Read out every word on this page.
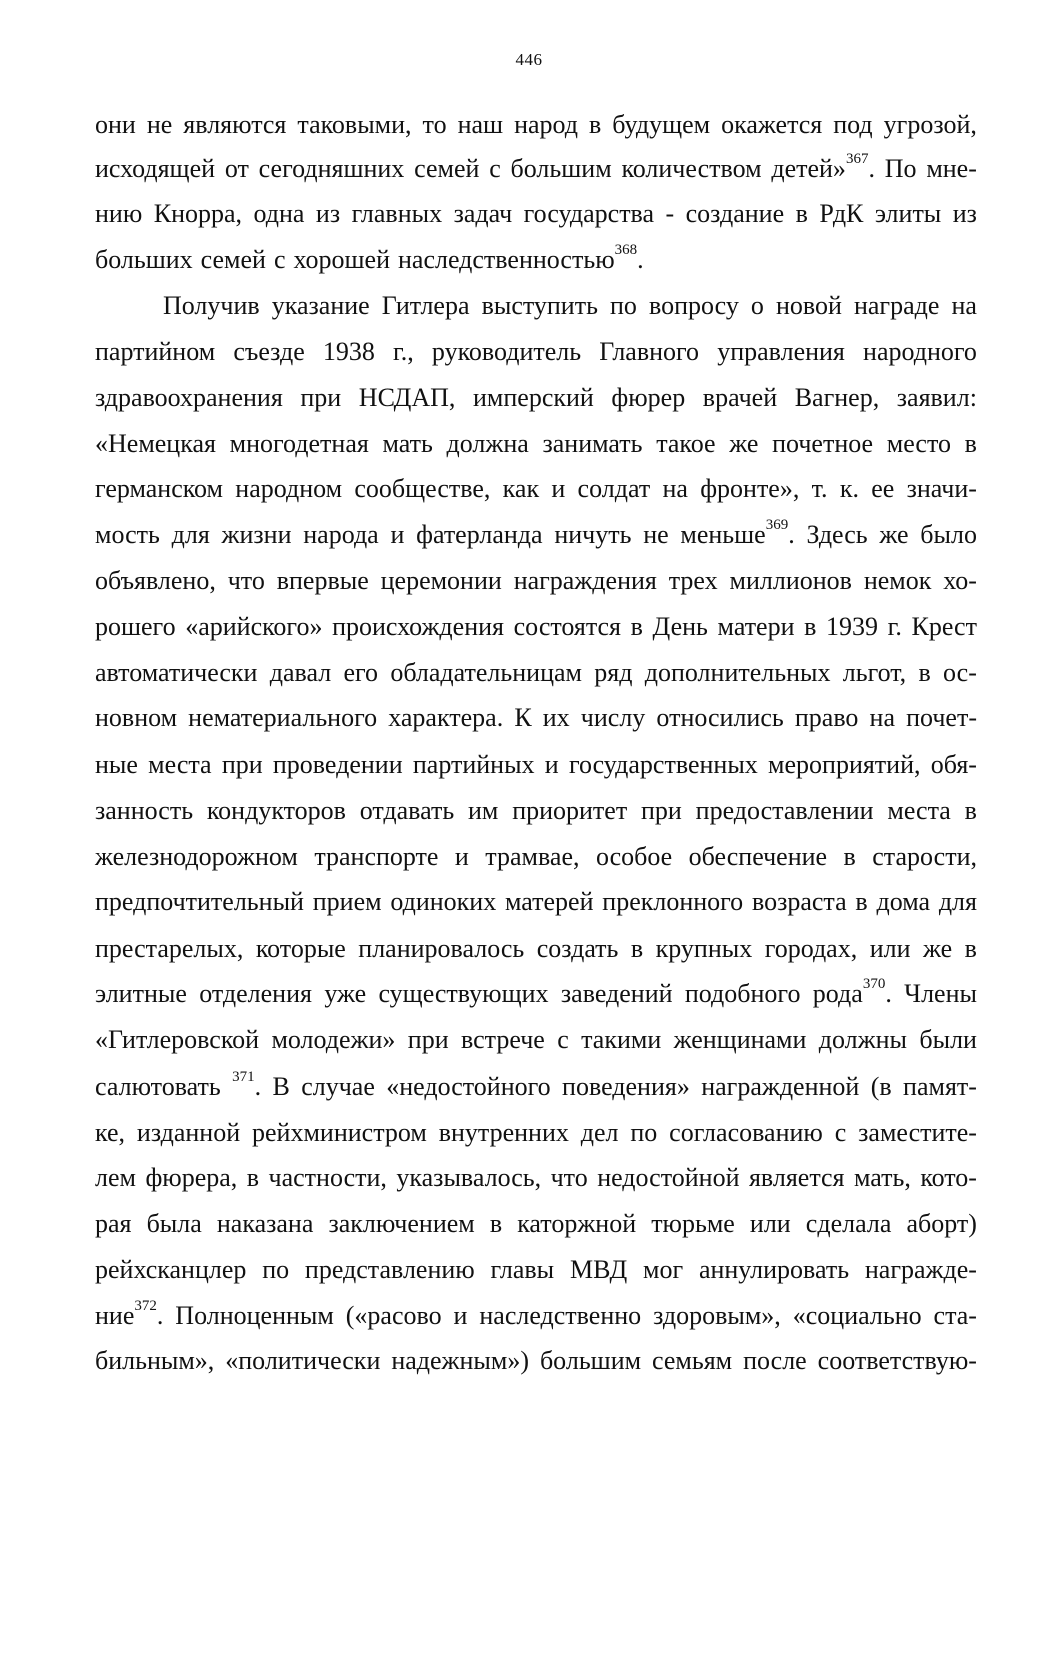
446
они не являются таковыми, то наш народ в будущем окажется под угрозой,
исходящей от сегодняшних семей с большим количеством детей»$^{367}$. По мне-
нию Кнорра, одна из главных задач государства - создание в РдК элиты из
больших семей с хорошей наследственностью$^{368}$.
Получив указание Гитлера выступить по вопросу о новой награде на
партийном съезде 1938 г., руководитель Главного управления народного
здравоохранения при НСДАП, имперский фюрер врачей Вагнер, заявил:
«Немецкая многодетная мать должна занимать такое же почетное место в
германском народном сообществе, как и солдат на фронте», т. к. ее значи-
мость для жизни народа и фатерланда ничуть не меньше$^{369}$. Здесь же было
объявлено, что впервые церемонии награждения трех миллионов немок хо-
рошего «арийского» происхождения состоятся в День матери в 1939 г. Крест
автоматически давал его обладательницам ряд дополнительных льгот, в ос-
новном нематериального характера. К их числу относились право на почет-
ные места при проведении партийных и государственных мероприятий, обя-
занность кондукторов отдавать им приоритет при предоставлении места в
железнодорожном транспорте и трамвае, особое обеспечение в старости,
предпочтительный прием одиноких матерей преклонного возраста в дома для
престарелых, которые планировалось создать в крупных городах, или же в
элитные отделения уже существующих заведений подобного рода$^{370}$. Члены
«Гитлеровской молодежи» при встрече с такими женщинами должны были
салютовать $^{371}$. В случае «недостойного поведения» награжденной (в памят-
ке, изданной рейхминистром внутренних дел по согласованию с заместите-
лем фюрера, в частности, указывалось, что недостойной является мать, кото-
рая была наказана заключением в каторжной тюрьме или сделала аборт)
рейхсканцлер по представлению главы МВД мог аннулировать награжде-
ние$^{372}$. Полноценным («расово и наследственно здоровым», «социально ста-
бильным», «политически надежным») большим семьям после соответствую-
